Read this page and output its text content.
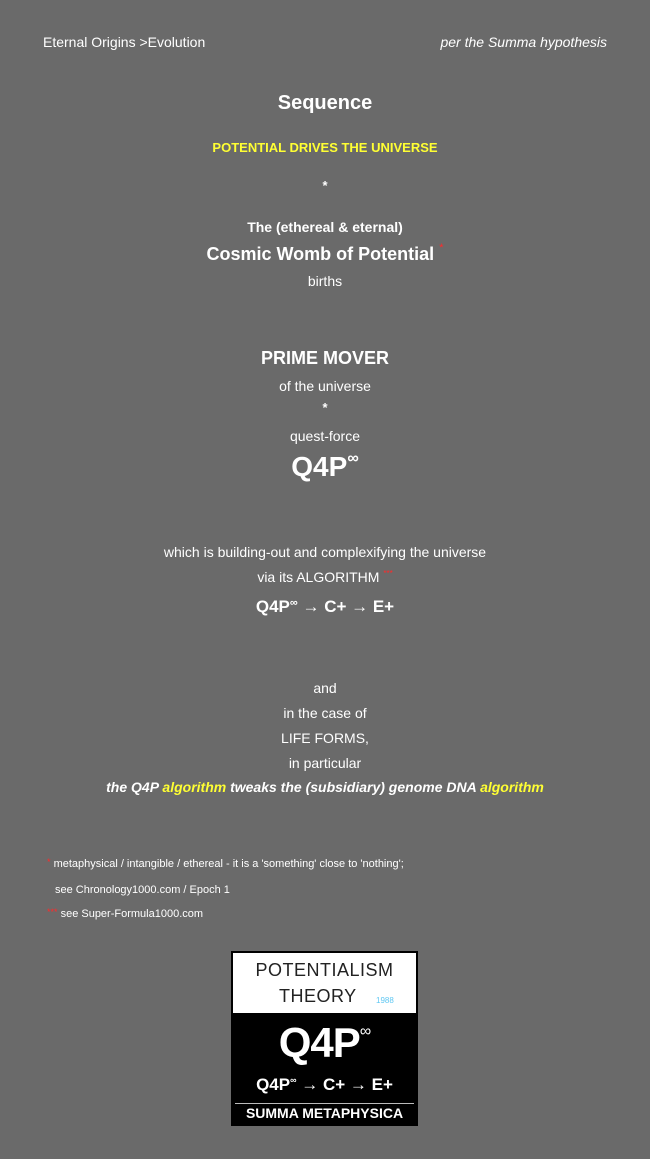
Eternal Origins >Evolution	per the Summa hypothesis
Sequence
POTENTIAL DRIVES THE UNIVERSE
*
The (ethereal & eternal)
Cosmic Womb of Potential *
births
PRIME MOVER
of the universe
*
quest-force
Q4P∞
which is building-out and complexifying the universe
via its ALGORITHM ***
Q4P∞ → C+ → E+
and
in the case of
LIFE FORMS,
in particular
the Q4P algorithm tweaks the (subsidiary) genome DNA algorithm
* metaphysical / intangible / ethereal - it is a 'something' close to 'nothing';
see Chronology1000.com / Epoch 1
*** see Super-Formula1000.com
POTENTIALISM
THEORY 1988
Q4P∞
Q4P∞ → C+ → E+
SUMMA METAPHYSICA
